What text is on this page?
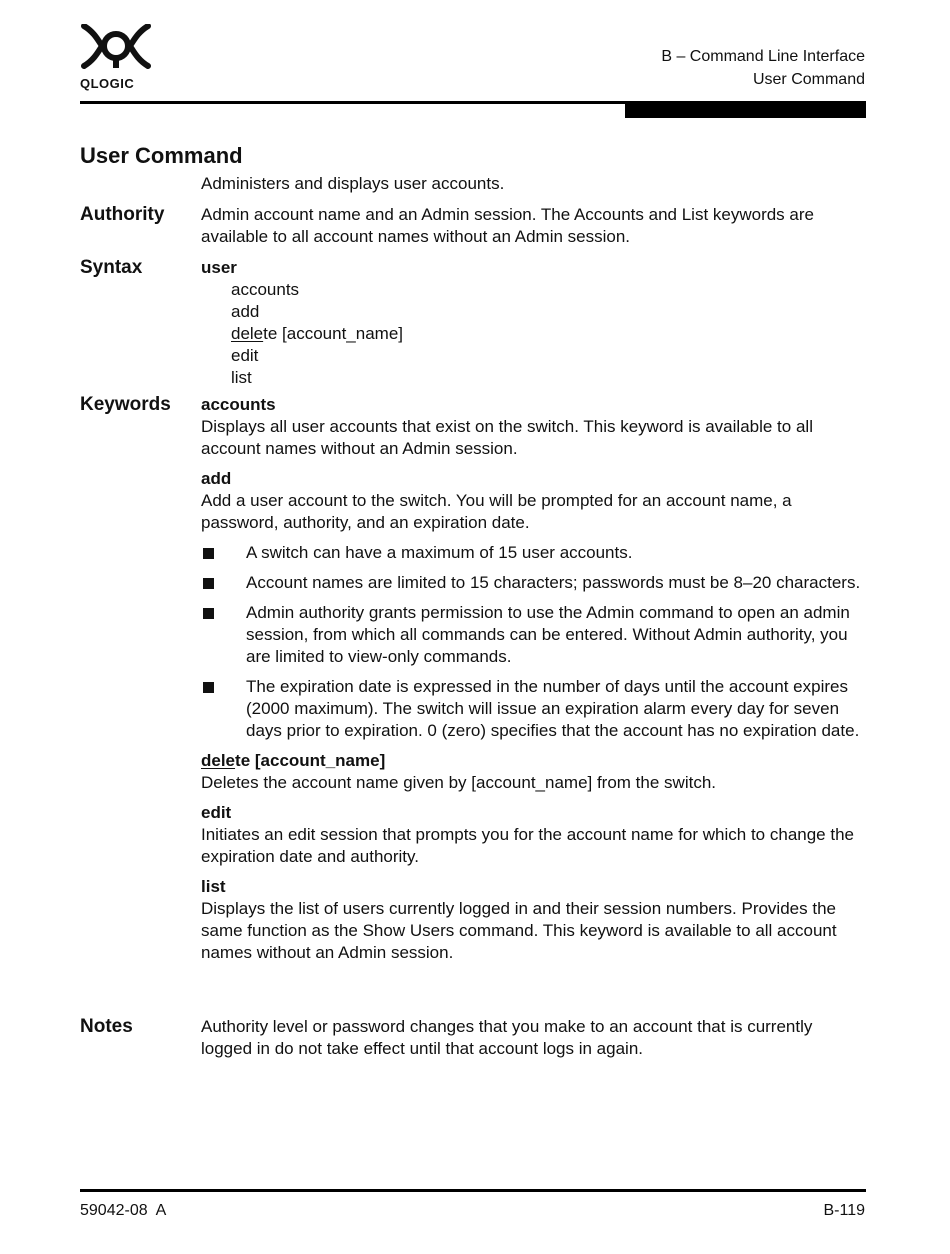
QLOGIC
B – Command Line Interface
User Command
User Command
Administers and displays user accounts.
Authority	Admin account name and an Admin session. The Accounts and List keywords are available to all account names without an Admin session.
Syntax	user

accounts

add

delete [account_name]

edit

list

Keywords	accounts

Displays all user accounts that exist on the switch. This keyword is available to all account names without an Admin session.

add

Add a user account to the switch. You will be prompted for an account name, a password, authority, and an expiration date.

A switch can have a maximum of 15 user accounts.
Account names are limited to 15 characters; passwords must be 8–20 characters.
Admin authority grants permission to use the Admin command to open an admin session, from which all commands can be entered. Without Admin authority, you are limited to view-only commands.
The expiration date is expressed in the number of days until the account expires (2000 maximum). The switch will issue an expiration alarm every day for seven days prior to expiration. 0 (zero) specifies that the account has no expiration date.

delete [account_name]

Deletes the account name given by [account_name] from the switch.

edit

Initiates an edit session that prompts you for the account name for which to change the expiration date and authority.

list

Displays the list of users currently logged in and their session numbers. Provides the same function as the Show Users command. This keyword is available to all account names without an Admin session.

Notes	Authority level or password changes that you make to an account that is currently logged in do not take effect until that account logs in again.
59042-08  A	B-119
